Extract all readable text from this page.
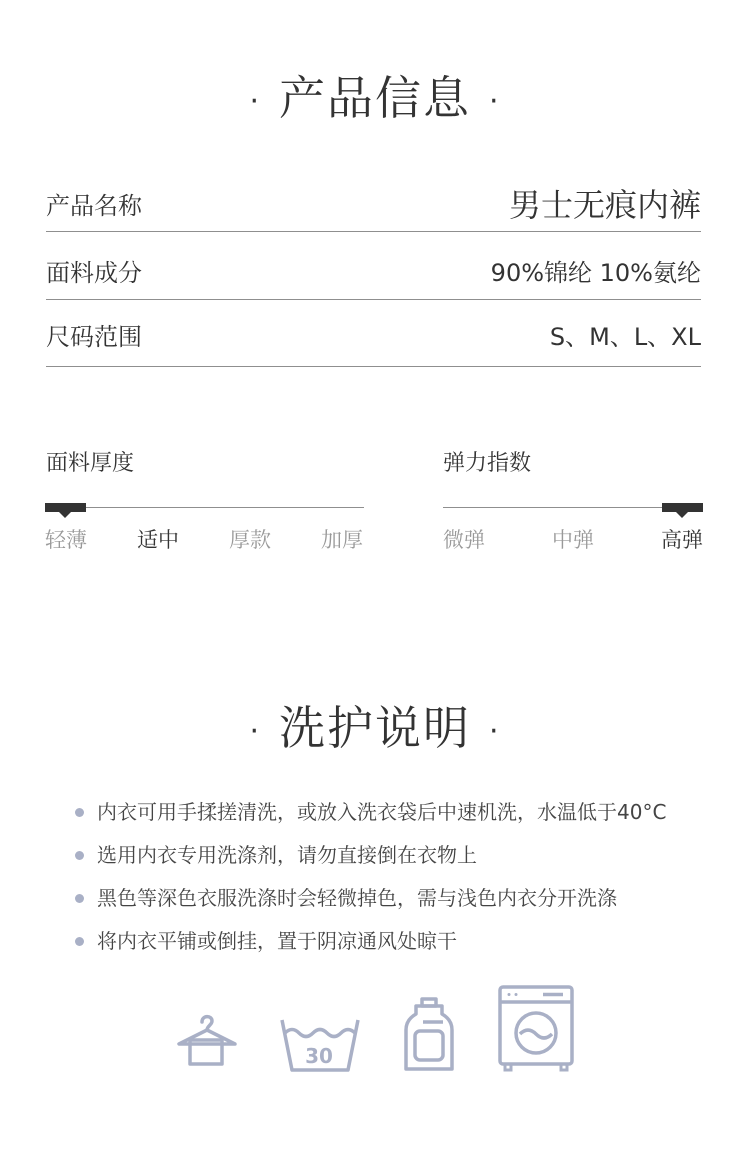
· 产品信息 ·
产品名称	男士无痕内裤
面料成分	90%锦纶 10%氨纶
尺码范围	S、M、L、XL
面料厚度
轻薄 适中 厚款 加厚
弹力指数
微弹	中弹	高弹
· 洗护说明 ·
内衣可用手揉搓清洗，或放入洗衣袋后中速机洗，水温低于40°C
选用内衣专用洗涤剂，请勿直接倒在衣物上
黑色等深色衣服洗涤时会轻微掉色，需与浅色内衣分开洗涤
将内衣平铺或倒挂，置于阴凉通风处晾干
30
